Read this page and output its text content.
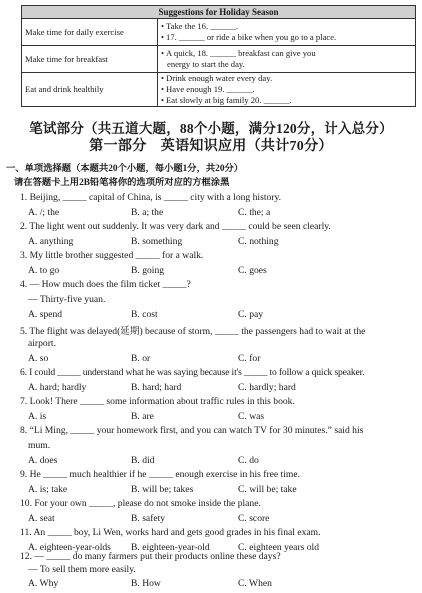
Suggestions for Holiday Season	
Make time for daily exercise	• Take the 16. ______.
• 17. ______ or ride a bike when you go to a place.

Make time for breakfast	• A quick, 18. ______ breakfast can give you
energy to start the day.

Eat and drink healthily	• Drink enough water every day.
• Have enough 19. ______.
• Eat slowly at big family 20. ______.
笔试部分（共五道大题，88个小题，满分120分，计入总分）
第一部分　英语知识应用（共计70分）
一、单项选择题（本题共20个小题，每小题1分，共20分）
请在答题卡上用2B铅笔将你的选项所对应的方框涂黑
1. Beijing, _____ capital of China, is _____ city with a long history.
A. /; the	B. a; the	C. the; a
2. The light went out suddenly. It was very dark and _____ could be seen clearly.
A. anything	B. something	C. nothing
3. My little brother suggested _____ for a walk.
A. to go	B. going	C. goes
4. — How much does the film ticket _____?
— Thirty-five yuan.
A. spend	B. cost	C. pay
5. The flight was delayed(延期) because of storm, _____ the passengers had to wait at the
airport.
A. so	B. or	C. for
6. I could _____ understand what he was saying because it's _____ to follow a quick speaker.
A. hard; hardly	B. hard; hard	C. hardly; hard
7. Look! There _____ some information about traffic rules in this book.
A. is	B. are	C. was
8. “Li Ming, _____ your homework first, and you can watch TV for 30 minutes.” said his
mum.
A. does	B. did	C. do
9. He _____ much healthier if he _____ enough exercise in his free time.
A. is; take	B. will be; takes	C. will be; take
10. For your own _____, please do not smoke inside the plane.
A. seat	B. safety	C. score
11. An _____ boy, Li Wen, works hard and gets good grades in his final exam.
A. eighteen-year-olds B. eighteen-year-old	C. eighteen years old
12. — _____ do many farmers put their products online these days?
— To sell them more easily.
A. Why	B. How	C. When
